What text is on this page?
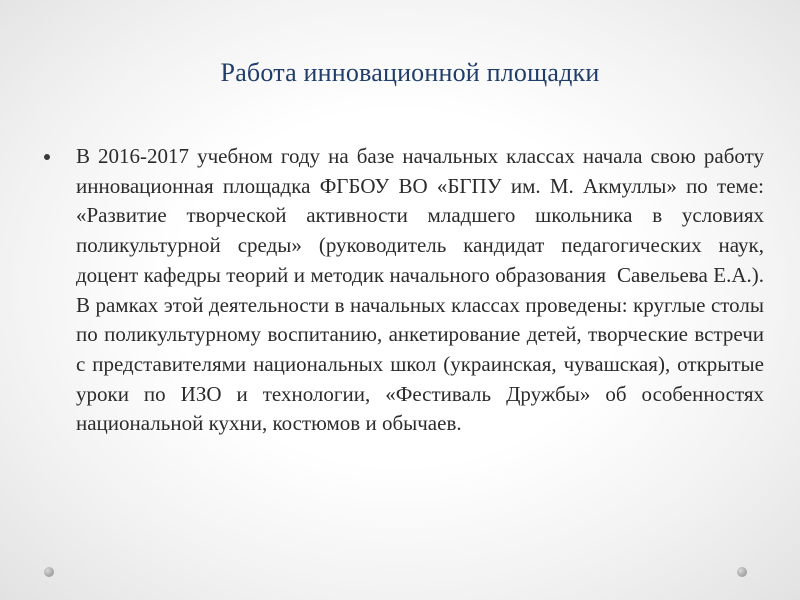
Работа инновационной площадки
В 2016-2017 учебном году на базе начальных классах начала свою работу инновационная площадка ФГБОУ ВО «БГПУ им. М. Акмуллы» по теме: «Развитие творческой активности младшего школьника в условиях поликультурной среды» (руководитель кандидат педагогических наук, доцент кафедры теорий и методик начального образования  Савельева Е.А.). В рамках этой деятельности в начальных классах проведены: круглые столы по поликультурному воспитанию, анкетирование детей, творческие встречи с представителями национальных школ (украинская, чувашская), открытые уроки по ИЗО и технологии, «Фестиваль Дружбы» об особенностях национальной кухни, костюмов и обычаев.
